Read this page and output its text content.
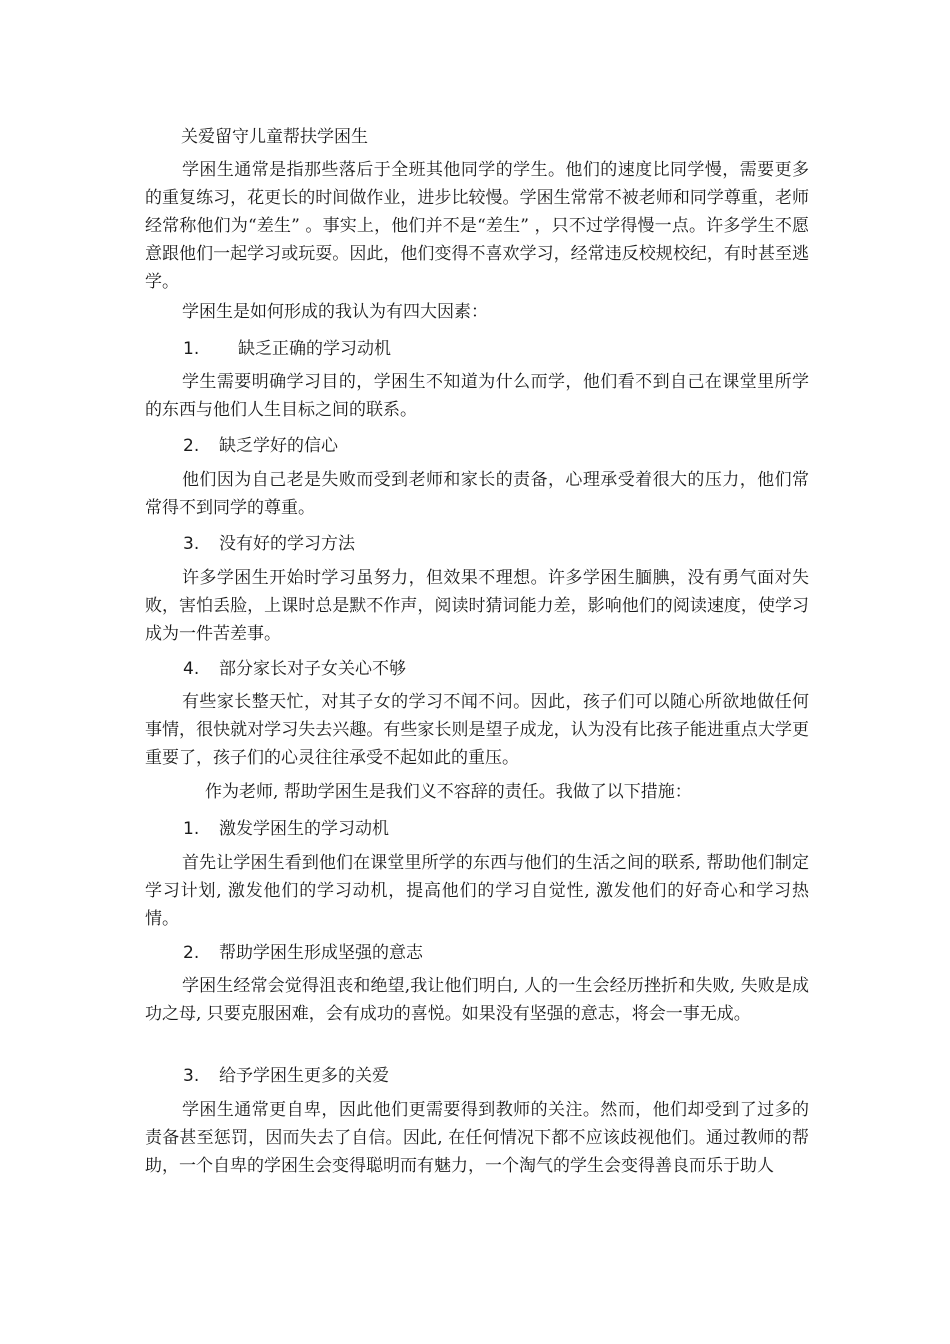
关爱留守儿童帮扶学困生
学困生通常是指那些落后于全班其他同学的学生。他们的速度比同学慢，需要更多的重复练习，花更长的时间做作业，进步比较慢。学困生常常不被老师和同学尊重，老师经常称他们为“差生” 。事实上，他们并不是“差生” ，只不过学得慢一点。许多学生不愿意跟他们一起学习或玩耍。因此，他们变得不喜欢学习，经常违反校规校纪，有时甚至逃学。
学困生是如何形成的我认为有四大因素：
1. 缺乏正确的学习动机
学生需要明确学习目的，学困生不知道为什么而学，他们看不到自己在课堂里所学的东西与他们人生目标之间的联系。
2. 缺乏学好的信心
他们因为自己老是失败而受到老师和家长的责备，心理承受着很大的压力，他们常常得不到同学的尊重。
3. 没有好的学习方法
许多学困生开始时学习虽努力，但效果不理想。许多学困生腼腆，没有勇气面对失败，害怕丢脸，上课时总是默不作声，阅读时猜词能力差，影响他们的阅读速度，使学习成为一件苦差事。
4. 部分家长对子女关心不够
有些家长整天忙，对其子女的学习不闻不问。因此，孩子们可以随心所欲地做任何事情，很快就对学习失去兴趣。有些家长则是望子成龙，认为没有比孩子能进重点大学更重要了，孩子们的心灵往往承受不起如此的重压。
作为老师, 帮助学困生是我们义不容辞的责任。我做了以下措施：
1. 激发学困生的学习动机
首先让学困生看到他们在课堂里所学的东西与他们的生活之间的联系, 帮助他们制定学习计划, 激发他们的学习动机，提高他们的学习自觉性, 激发他们的好奇心和学习热情。
2. 帮助学困生形成坚强的意志
学困生经常会觉得沮丧和绝望,我让他们明白, 人的一生会经历挫折和失败, 失败是成功之母, 只要克服困难，会有成功的喜悦。如果没有坚强的意志，将会一事无成。
3. 给予学困生更多的关爱
学困生通常更自卑，因此他们更需要得到教师的关注。然而，他们却受到了过多的责备甚至惩罚，因而失去了自信。因此, 在任何情况下都不应该歧视他们。通过教师的帮助，一个自卑的学困生会变得聪明而有魅力，一个淘气的学生会变得善良而乐于助人
